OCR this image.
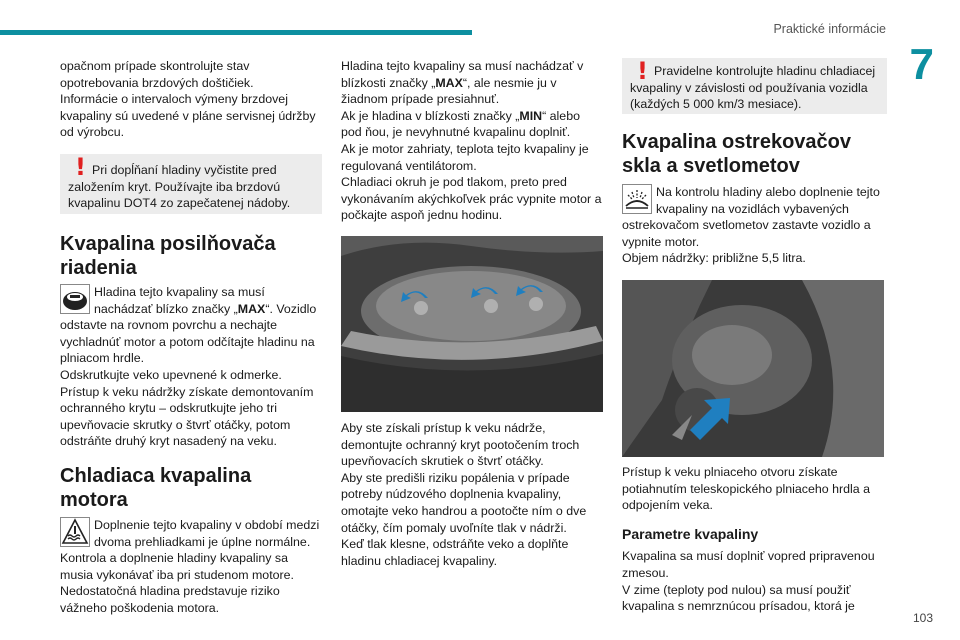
Praktické informácie
7
103

opačnom prípade skontrolujte stav opotrebovania brzdových doštičiek.

Informácie o intervaloch výmeny brzdovej kvapaliny sú uvedené v pláne servisnej údržby od výrobcu.

! Pri dopĺňaní hladiny vyčistite pred založením kryt. Používajte iba brzdovú kvapalinu DOT4 zo zapečatenej nádoby.

Kvapalina posilňovača riadenia

Hladina tejto kvapaliny sa musí nachádzať blízko značky „MAX“. Vozidlo odstavte na rovnom povrchu a nechajte vychladnúť motor a potom odčítajte hladinu na plniacom hrdle.

Odskrutkujte veko upevnené k odmerke.

Prístup k veku nádržky získate demontovaním ochranného krytu – odskrutkujte jeho tri upevňovacie skrutky o štvrť otáčky, potom odstráňte druhý kryt nasadený na veku.

Chladiaca kvapalina motora

Doplnenie tejto kvapaliny v období medzi dvoma prehliadkami je úplne normálne. Kontrola a doplnenie hladiny kvapaliny sa musia vykonávať iba pri studenom motore.

Nedostatočná hladina predstavuje riziko vážneho poškodenia motora.

Hladina tejto kvapaliny sa musí nachádzať v blízkosti značky „MAX“, ale nesmie ju v žiadnom prípade presiahnuť.

Ak je hladina v blízkosti značky „MIN“ alebo pod ňou, je nevyhnutné kvapalinu doplniť.

Ak je motor zahriaty, teplota tejto kvapaliny je regulovaná ventilátorom.

Chladiaci okruh je pod tlakom, preto pred vykonávaním akýchkoľvek prác vypnite motor a počkajte aspoň jednu hodinu.

Aby ste získali prístup k veku nádrže, demontujte ochranný kryt pootočením troch upevňovacích skrutiek o štvrť otáčky.

Aby ste predišli riziku popálenia v prípade potreby núdzového doplnenia kvapaliny, omotajte veko handrou a pootočte ním o dve otáčky, čím pomaly uvoľníte tlak v nádrži.

Keď tlak klesne, odstráňte veko a doplňte hladinu chladiacej kvapaliny.

! Pravidelne kontrolujte hladinu chladiacej kvapaliny v závislosti od používania vozidla (každých 5 000 km/3 mesiace).

Kvapalina ostrekovačov skla a svetlometov

Na kontrolu hladiny alebo doplnenie tejto kvapaliny na vozidlách vybavených ostrekovačom svetlometov zastavte vozidlo a vypnite motor.

Objem nádržky: približne 5,5 litra.

Prístup k veku plniaceho otvoru získate potiahnutím teleskopického plniaceho hrdla a odpojením veka.

Parametre kvapaliny

Kvapalina sa musí doplniť vopred pripravenou zmesou.

V zime (teploty pod nulou) sa musí použiť kvapalina s nemrznúcou prísadou, ktorá je
